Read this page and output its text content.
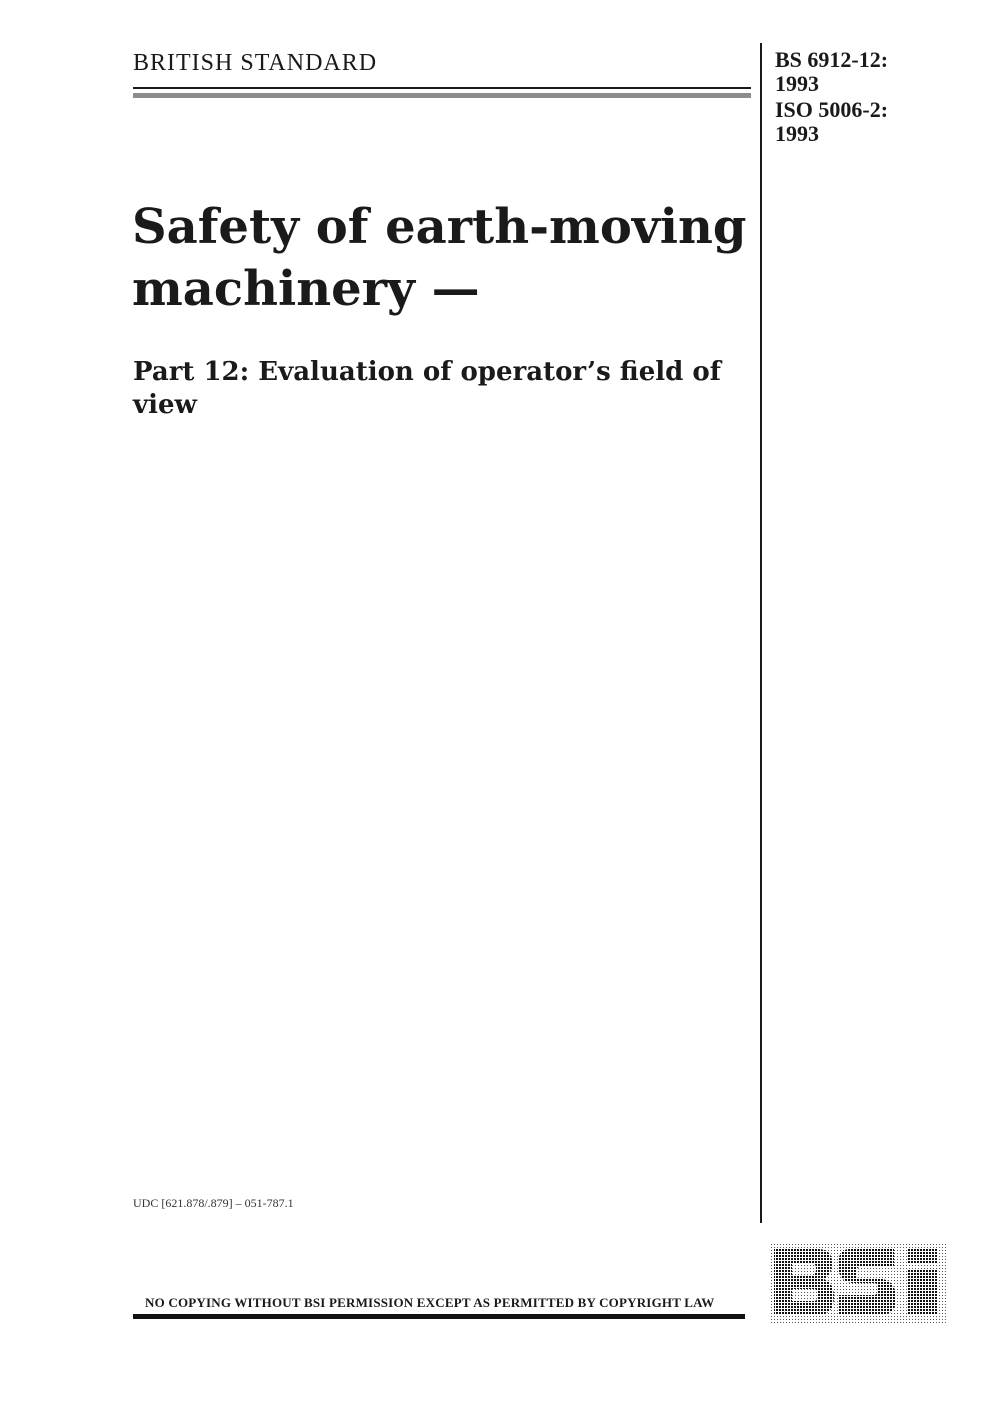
BRITISH STANDARD	BS 6912-12:
1993
ISO 5006-2:
1993
Safety of earth-moving
machinery —
Part 12: Evaluation of operator’s field of
view
UDC [621.878/.879] – 051-787.1
NO COPYING WITHOUT BSI PERMISSION EXCEPT AS PERMITTED BY COPYRIGHT LAW
